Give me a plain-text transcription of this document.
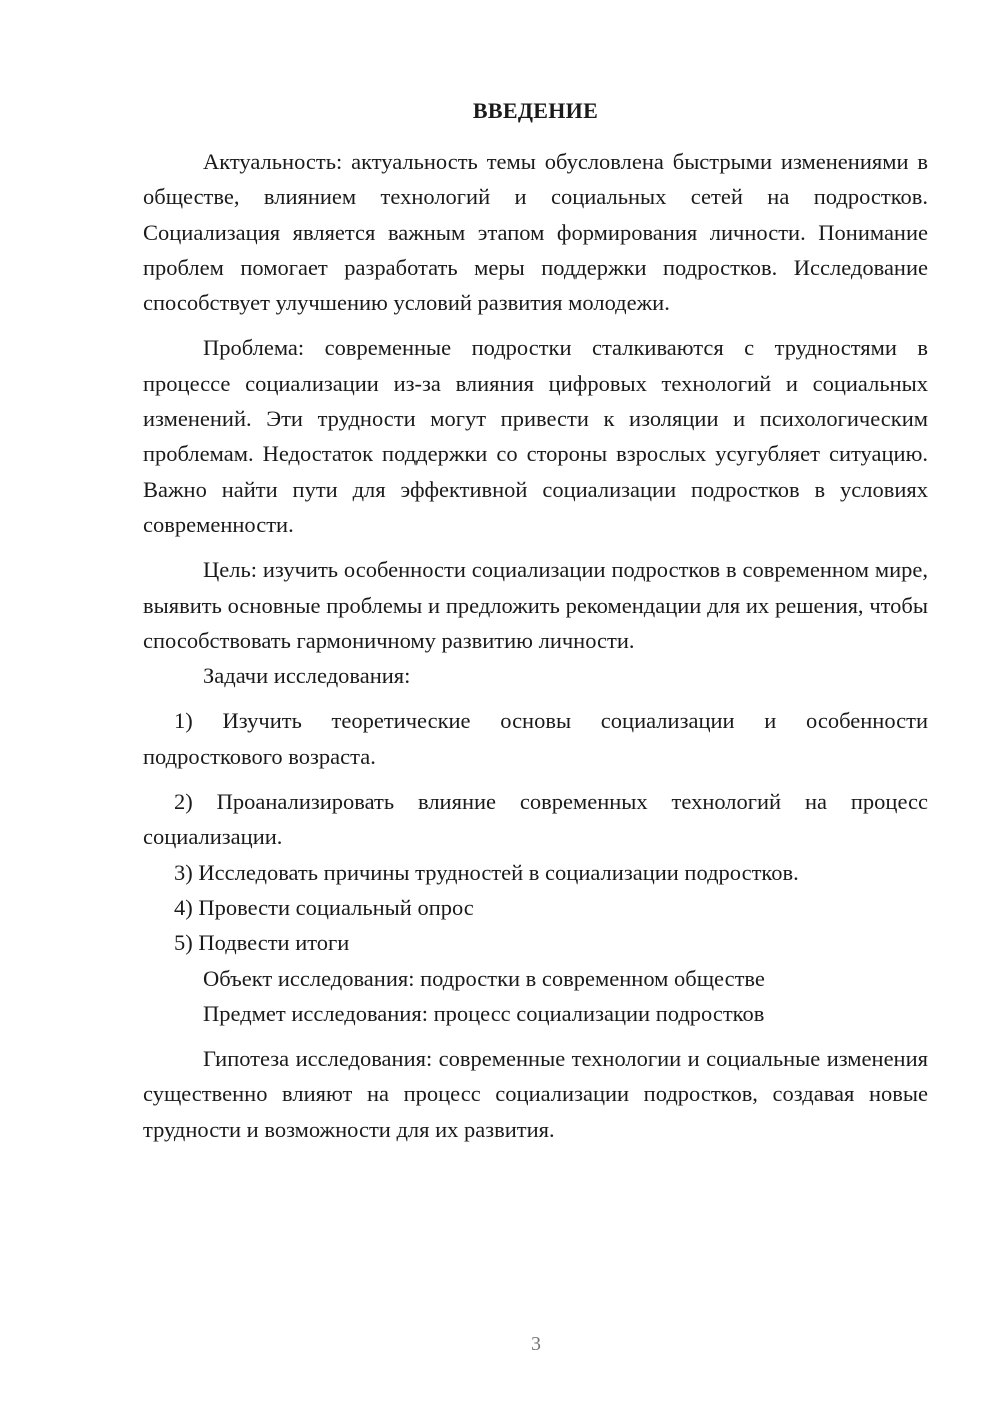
ВВЕДЕНИЕ

Актуальность: актуальность темы обусловлена быстрыми изменениями в обществе, влиянием технологий и социальных сетей на подростков. Социализация является важным этапом формирования личности. Понимание проблем помогает разработать меры поддержки подростков. Исследование способствует улучшению условий развития молодежи.

Проблема: современные подростки сталкиваются с трудностями в процессе социализации из-за влияния цифровых технологий и социальных изменений. Эти трудности могут привести к изоляции и психологическим проблемам. Недостаток поддержки со стороны взрослых усугубляет ситуацию. Важно найти пути для эффективной социализации подростков в условиях современности.

Цель: изучить особенности социализации подростков в современном мире, выявить основные проблемы и предложить рекомендации для их решения, чтобы способствовать гармоничному развитию личности.

Задачи исследования:

1) Изучить теоретические основы социализации и особенности подросткового возраста.

2) Проанализировать влияние современных технологий на процесс социализации.

3) Исследовать причины трудностей в социализации подростков.

4) Провести социальный опрос

5) Подвести итоги

Объект исследования: подростки в современном обществе

Предмет исследования: процесс социализации подростков

Гипотеза исследования: современные технологии и социальные изменения существенно влияют на процесс социализации подростков, создавая новые трудности и возможности для их развития.

3
